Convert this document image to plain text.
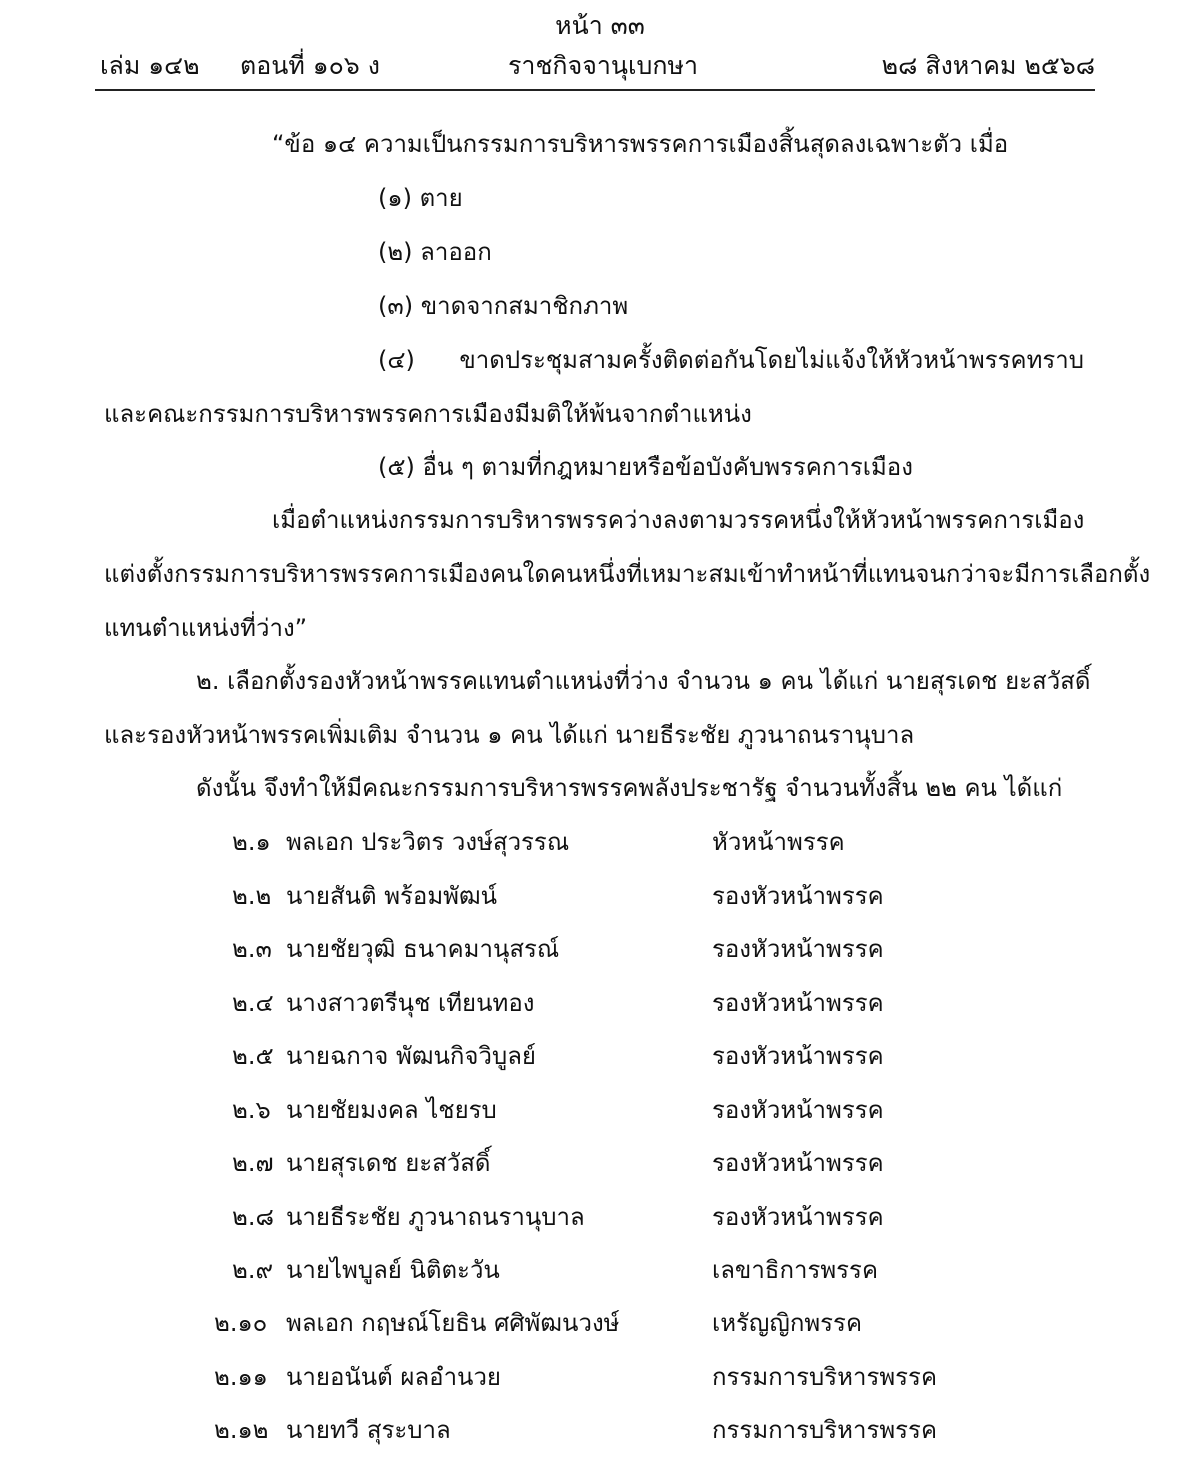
หน้า ๓๓
เล่ม ๑๔๒ ตอนที่ ๑๐๖ ง	ราชกิจจานุเบกษา	๒๘ สิงหาคม ๒๕๖๘
“ข้อ ๑๔ ความเป็นกรรมการบริหารพรรคการเมืองสิ้นสุดลงเฉพาะตัว เมื่อ
(๑) ตาย
(๒) ลาออก
(๓) ขาดจากสมาชิกภาพ
(๔) ขาดประชุมสามครั้งติดต่อกันโดยไม่แจ้งให้หัวหน้าพรรคทราบ
และคณะกรรมการบริหารพรรคการเมืองมีมติให้พ้นจากตำแหน่ง
(๕) อื่น ๆ ตามที่กฎหมายหรือข้อบังคับพรรคการเมือง
เมื่อตำแหน่งกรรมการบริหารพรรคว่างลงตามวรรคหนึ่งให้หัวหน้าพรรคการเมือง
แต่งตั้งกรรมการบริหารพรรคการเมืองคนใดคนหนึ่งที่เหมาะสมเข้าทำหน้าที่แทนจนกว่าจะมีการเลือกตั้ง
แทนตำแหน่งที่ว่าง”
๒. เลือกตั้งรองหัวหน้าพรรคแทนตำแหน่งที่ว่าง จำนวน ๑ คน ได้แก่ นายสุรเดช ยะสวัสดิ์
และรองหัวหน้าพรรคเพิ่มเติม จำนวน ๑ คน ได้แก่ นายธีระชัย ภูวนาถนรานุบาล
ดังนั้น จึงทำให้มีคณะกรรมการบริหารพรรคพลังประชารัฐ จำนวนทั้งสิ้น ๒๒ คน ได้แก่
๒.๑ พลเอก ประวิตร วงษ์สุวรรณ	หัวหน้าพรรค
๒.๒ นายสันติ พร้อมพัฒน์	รองหัวหน้าพรรค
๒.๓ นายชัยวุฒิ ธนาคมานุสรณ์	รองหัวหน้าพรรค
๒.๔ นางสาวตรีนุช เทียนทอง	รองหัวหน้าพรรค
๒.๕ นายฉกาจ พัฒนกิจวิบูลย์	รองหัวหน้าพรรค
๒.๖ นายชัยมงคล ไชยรบ	รองหัวหน้าพรรค
๒.๗ นายสุรเดช ยะสวัสดิ์	รองหัวหน้าพรรค
๒.๘ นายธีระชัย ภูวนาถนรานุบาล	รองหัวหน้าพรรค
๒.๙ นายไพบูลย์ นิติตะวัน	เลขาธิการพรรค
๒.๑๐ พลเอก กฤษณ์โยธิน ศศิพัฒนวงษ์	เหรัญญิกพรรค
๒.๑๑ นายอนันต์ ผลอำนวย	กรรมการบริหารพรรค
๒.๑๒ นายทวี สุระบาล	กรรมการบริหารพรรค
